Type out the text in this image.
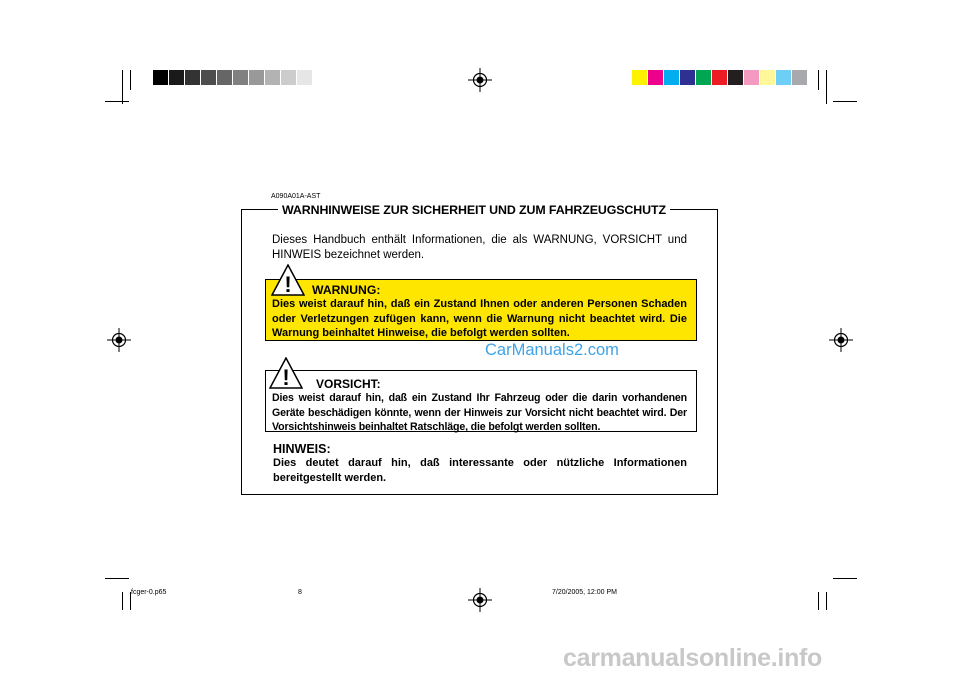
A090A01A-AST
WARNHINWEISE ZUR SICHERHEIT UND ZUM FAHRZEUGSCHUTZ
Dieses Handbuch enthält Informationen, die als WARNUNG, VORSICHT und HINWEIS bezeichnet werden.
! WARNUNG:
Dies weist darauf hin, daß ein Zustand Ihnen oder anderen Personen Schaden oder Verletzungen zufügen kann, wenn die Warnung nicht beachtet wird. Die Warnung beinhaltet Hinweise, die befolgt werden sollten.
CarManuals2.com
! VORSICHT:
Dies weist darauf hin, daß ein Zustand Ihr Fahrzeug oder die darin vorhandenen Geräte beschädigen könnte, wenn der Hinweis zur Vorsicht nicht beachtet wird. Der Vorsichtshinweis beinhaltet Ratschläge, die befolgt werden sollten.
HINWEIS:
Dies deutet darauf hin, daß interessante oder nützliche Informationen bereitgestellt werden.
fcger-0.p65	8	7/20/2005, 12:00 PM
carmanualsonline.info
